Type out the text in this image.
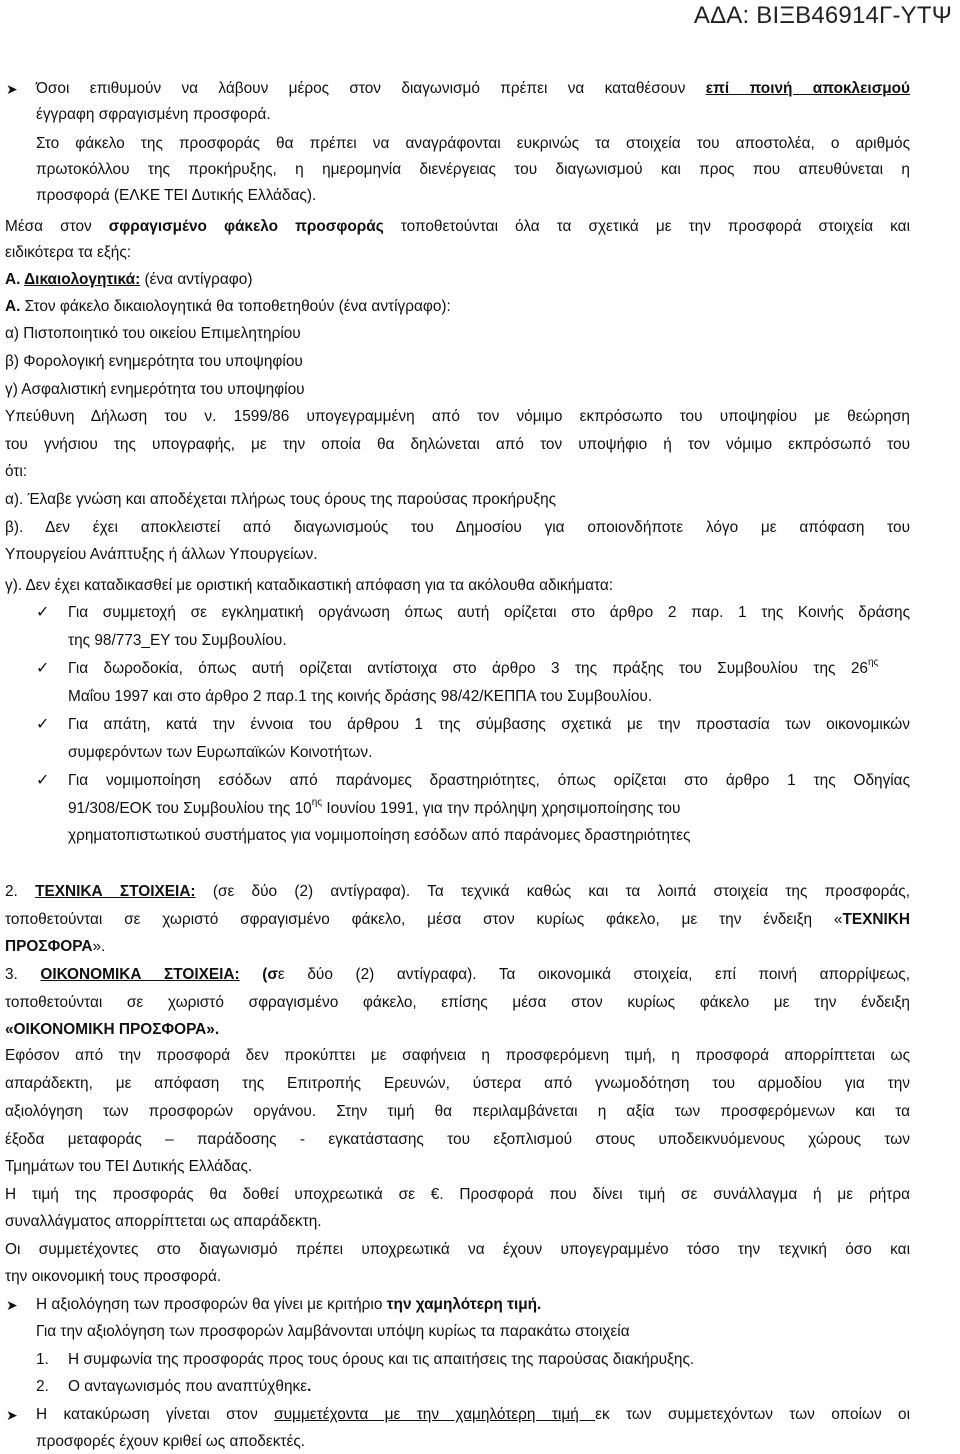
ΑΔΑ: ΒΙΞΒ46914Γ-ΥΤΨ
➤ Όσοι επιθυμούν να λάβουν μέρος στον διαγωνισμό πρέπει να καταθέσουν επί ποινή αποκλεισμού
έγγραφη σφραγισμένη προσφορά.
Στο φάκελο της προσφοράς θα πρέπει να αναγράφονται ευκρινώς τα στοιχεία του αποστολέα, ο αριθμός
πρωτοκόλλου της προκήρυξης, η ημερομηνία διενέργειας του διαγωνισμού και προς που απευθύνεται η
προσφορά (ΕΛΚΕ ΤΕΙ Δυτικής Ελλάδας).
Μέσα στον σφραγισμένο φάκελο προσφοράς τοποθετούνται όλα τα σχετικά με την προσφορά στοιχεία και
ειδικότερα τα εξής:
Α. Δικαιολογητικά: (ένα αντίγραφο)
Α. Στον φάκελο δικαιολογητικά θα τοποθετηθούν (ένα αντίγραφο):
α) Πιστοποιητικό του οικείου Επιμελητηρίου
β) Φορολογική ενημερότητα του υποψηφίου
γ) Ασφαλιστική ενημερότητα του υποψηφίου
Υπεύθυνη Δήλωση του ν. 1599/86 υπογεγραμμένη από τον νόμιμο εκπρόσωπο του υποψηφίου με θεώρηση
του γνήσιου της υπογραφής, με την οποία θα δηλώνεται από τον υποψήφιο ή τον νόμιμο εκπρόσωπό του
ότι:
α). Έλαβε γνώση και αποδέχεται πλήρως τους όρους της παρούσας προκήρυξης
β). Δεν έχει αποκλειστεί από διαγωνισμούς του Δημοσίου για οποιονδήποτε λόγο με απόφαση του
Υπουργείου Ανάπτυξης ή άλλων Υπουργείων.
γ). Δεν έχει καταδικασθεί με οριστική καταδικαστική απόφαση για τα ακόλουθα αδικήματα:
✓ Για συμμετοχή σε εγκληματική οργάνωση όπως αυτή ορίζεται στο άρθρο 2 παρ. 1 της Κοινής δράσης
της 98/773_ΕΥ του Συμβουλίου.
✓ Για δωροδοκία, όπως αυτή ορίζεται αντίστοιχα στο άρθρο 3 της πράξης του Συμβουλίου της $26^{\eta\varsigma}$
Μαΐου 1997 και στο άρθρο 2 παρ.1 της κοινής δράσης 98/42/ΚΕΠΠΑ του Συμβουλίου.
✓ Για απάτη, κατά την έννοια του άρθρου 1 της σύμβασης σχετικά με την προστασία των οικονομικών
συμφερόντων των Ευρωπαϊκών Κοινοτήτων.
✓ Για νομιμοποίηση εσόδων από παράνομες δραστηριότητες, όπως ορίζεται στο άρθρο 1 της Οδηγίας
91/308/ΕΟΚ του Συμβουλίου της $10^{\eta\varsigma}$ Ιουνίου 1991, για την πρόληψη χρησιμοποίησης του
χρηματοπιστωτικού συστήματος για νομιμοποίηση εσόδων από παράνομες δραστηριότητες
2. ΤΕΧΝΙΚΑ ΣΤΟΙΧΕΙΑ: (σε δύο (2) αντίγραφα). Τα τεχνικά καθώς και τα λοιπά στοιχεία της προσφοράς,
τοποθετούνται σε χωριστό σφραγισμένο φάκελο, μέσα στον κυρίως φάκελο, με την ένδειξη «ΤΕΧΝΙΚΗ
ΠΡΟΣΦΟΡΑ».
3. ΟΙΚΟΝΟΜΙΚΑ ΣΤΟΙΧΕΙΑ: (σε δύο (2) αντίγραφα). Τα οικονομικά στοιχεία, επί ποινή απορρίψεως,
τοποθετούνται σε χωριστό σφραγισμένο φάκελο, επίσης μέσα στον κυρίως φάκελο με την ένδειξη
«ΟΙΚΟΝΟΜΙΚΗ ΠΡΟΣΦΟΡΑ».
Εφόσον από την προσφορά δεν προκύπτει με σαφήνεια η προσφερόμενη τιμή, η προσφορά απορρίπτεται ως
απαράδεκτη, με απόφαση της Επιτροπής Ερευνών, ύστερα από γνωμοδότηση του αρμοδίου για την
αξιολόγηση των προσφορών οργάνου. Στην τιμή θα περιλαμβάνεται η αξία των προσφερόμενων και τα
έξοδα μεταφοράς – παράδοσης - εγκατάστασης του εξοπλισμού στους υποδεικνυόμενους χώρους των
Τμημάτων του ΤΕΙ Δυτικής Ελλάδας.
Η τιμή της προσφοράς θα δοθεί υποχρεωτικά σε €. Προσφορά που δίνει τιμή σε συνάλλαγμα ή με ρήτρα
συναλλάγματος απορρίπτεται ως απαράδεκτη.
Οι συμμετέχοντες στο διαγωνισμό πρέπει υποχρεωτικά να έχουν υπογεγραμμένο τόσο την τεχνική όσο και
την οικονομική τους προσφορά.
➤ Η αξιολόγηση των προσφορών θα γίνει με κριτήριο την χαμηλότερη τιμή.
Για την αξιολόγηση των προσφορών λαμβάνονται υπόψη κυρίως τα παρακάτω στοιχεία
1. Η συμφωνία της προσφοράς προς τους όρους και τις απαιτήσεις της παρούσας διακήρυξης.
2. Ο ανταγωνισμός που αναπτύχθηκε.
➤ Η κατακύρωση γίνεται στον συμμετέχοντα με την χαμηλότερη τιμή εκ των συμμετεχόντων των οποίων οι
προσφορές έχουν κριθεί ως αποδεκτές.
